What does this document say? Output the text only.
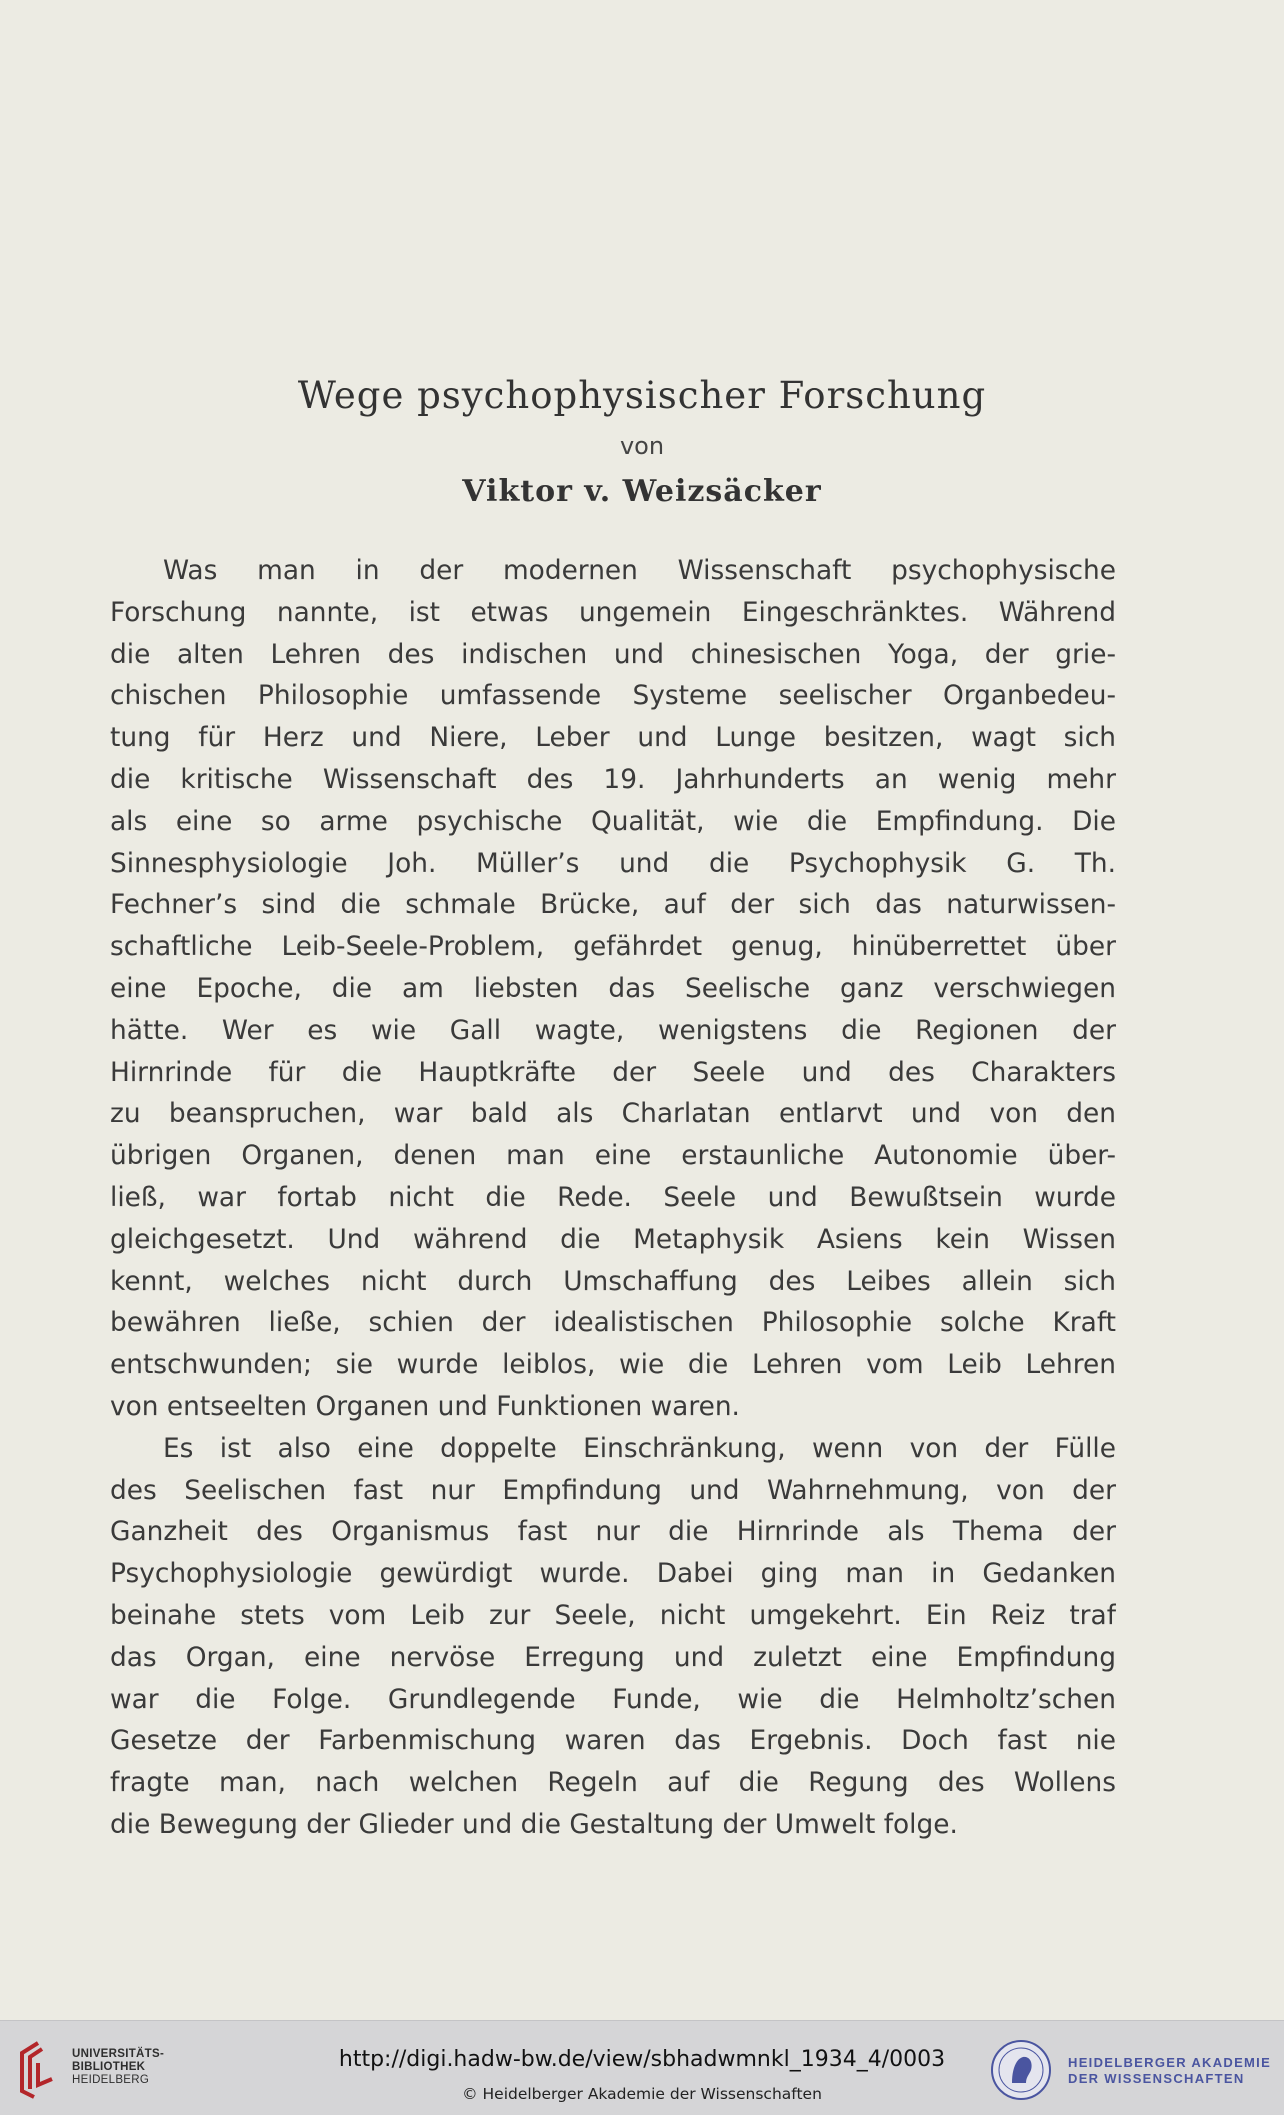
Wege psychophysischer Forschung
von
Viktor v. Weizsäcker
Was man in der modernen Wissenschaft psychophysische
Forschung nannte, ist etwas ungemein Eingeschränktes. Während
die alten Lehren des indischen und chinesischen Yoga, der grie-
chischen Philosophie umfassende Systeme seelischer Organbedeu-
tung für Herz und Niere, Leber und Lunge besitzen, wagt sich
die kritische Wissenschaft des 19. Jahrhunderts an wenig mehr
als eine so arme psychische Qualität, wie die Empfindung. Die
Sinnesphysiologie Joh. Müller’s und die Psychophysik G. Th.
Fechner’s sind die schmale Brücke, auf der sich das naturwissen-
schaftliche Leib-Seele-Problem, gefährdet genug, hinüberrettet über
eine Epoche, die am liebsten das Seelische ganz verschwiegen
hätte. Wer es wie Gall wagte, wenigstens die Regionen der
Hirnrinde für die Hauptkräfte der Seele und des Charakters
zu beanspruchen, war bald als Charlatan entlarvt und von den
übrigen Organen, denen man eine erstaunliche Autonomie über-
ließ, war fortab nicht die Rede. Seele und Bewußtsein wurde
gleichgesetzt. Und während die Metaphysik Asiens kein Wissen
kennt, welches nicht durch Umschaffung des Leibes allein sich
bewähren ließe, schien der idealistischen Philosophie solche Kraft
entschwunden; sie wurde leiblos, wie die Lehren vom Leib Lehren
von entseelten Organen und Funktionen waren.
Es ist also eine doppelte Einschränkung, wenn von der Fülle
des Seelischen fast nur Empfindung und Wahrnehmung, von der
Ganzheit des Organismus fast nur die Hirnrinde als Thema der
Psychophysiologie gewürdigt wurde. Dabei ging man in Gedanken
beinahe stets vom Leib zur Seele, nicht umgekehrt. Ein Reiz traf
das Organ, eine nervöse Erregung und zuletzt eine Empfindung
war die Folge. Grundlegende Funde, wie die Helmholtz’schen
Gesetze der Farbenmischung waren das Ergebnis. Doch fast nie
fragte man, nach welchen Regeln auf die Regung des Wollens
die Bewegung der Glieder und die Gestaltung der Umwelt folge.
UNIVERSITÄTS-
BIBLIOTHEK
HEIDELBERG
http://digi.hadw-bw.de/view/sbhadwmnkl_1934_4/0003
© Heidelberger Akademie der Wissenschaften
HEIDELBERGER AKADEMIE
DER WISSENSCHAFTEN
